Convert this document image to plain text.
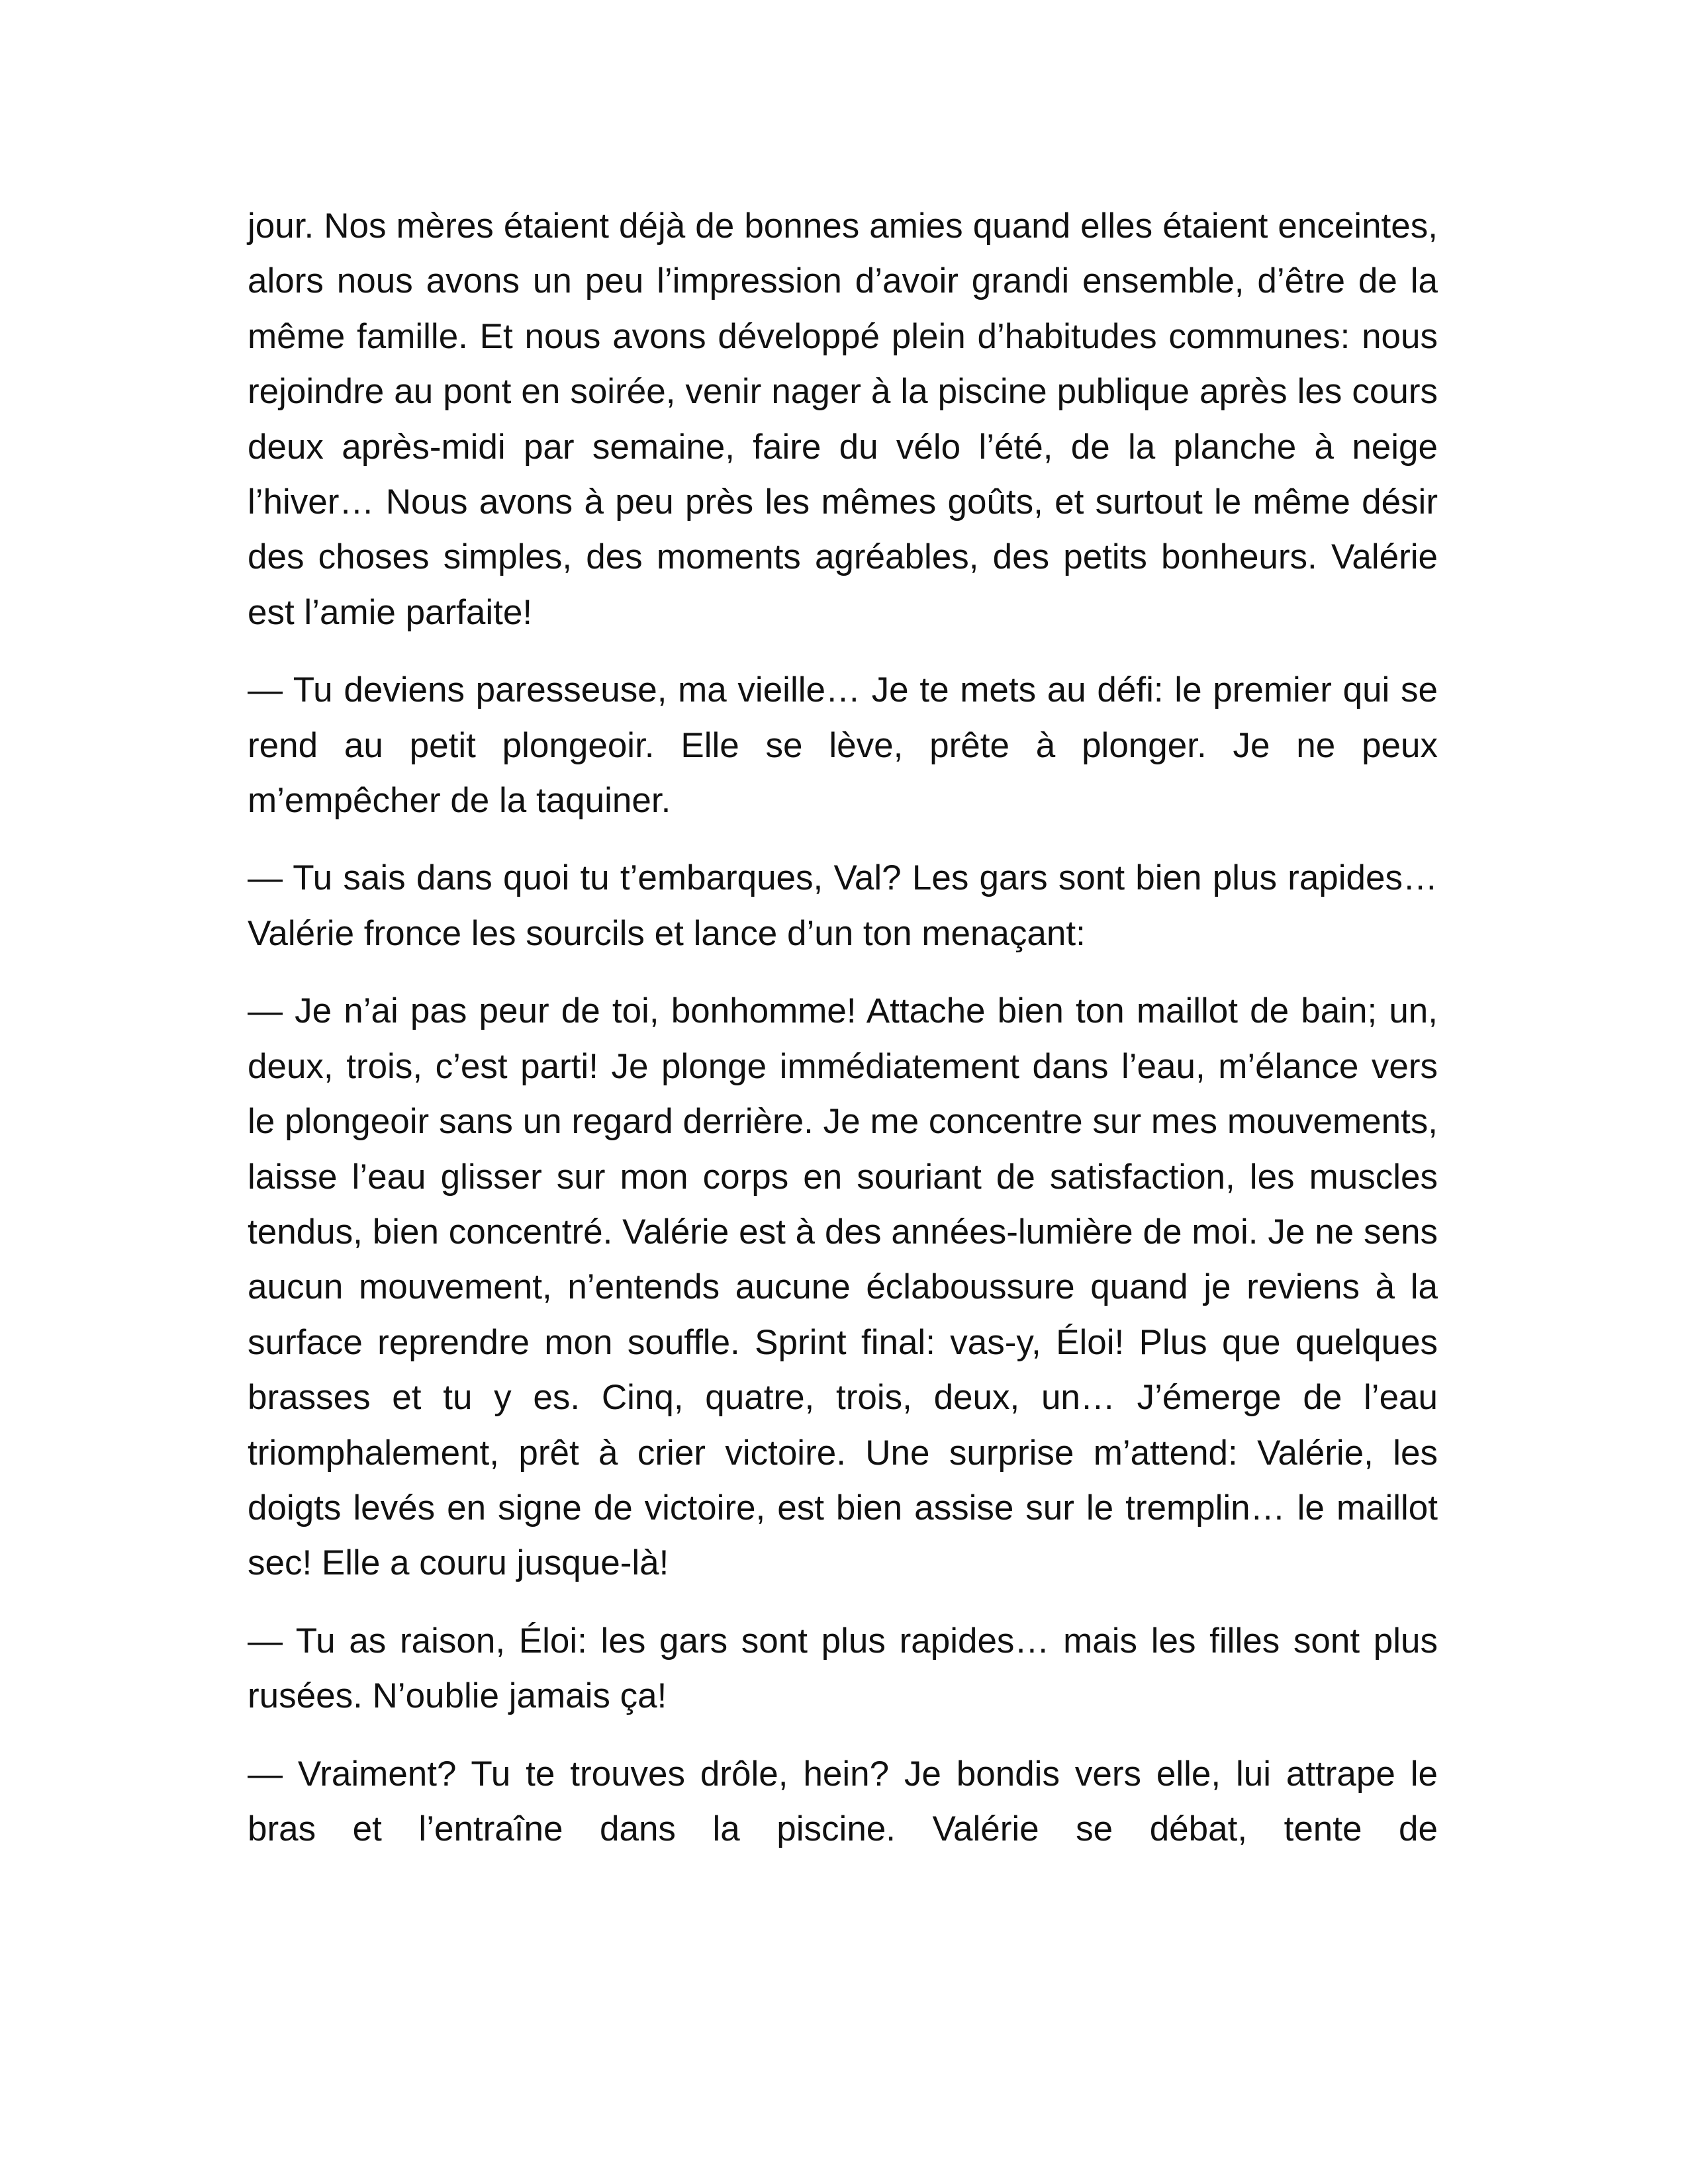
jour. Nos mères étaient déjà de bonnes amies quand elles étaient enceintes, alors nous avons un peu l’impression d’avoir grandi ensemble, d’être de la même famille. Et nous avons développé plein d’habitudes communes: nous rejoindre au pont en soirée, venir nager à la piscine publique après les cours deux après-midi par semaine, faire du vélo l’été, de la planche à neige l’hiver… Nous avons à peu près les mêmes goûts, et surtout le même désir des choses simples, des moments agréables, des petits bonheurs. Valérie est l’amie parfaite!

— Tu deviens paresseuse, ma vieille… Je te mets au défi: le premier qui se rend au petit plongeoir. Elle se lève, prête à plonger. Je ne peux m’empêcher de la taquiner.

— Tu sais dans quoi tu t’embarques, Val? Les gars sont bien plus rapides… Valérie fronce les sourcils et lance d’un ton menaçant:

— Je n’ai pas peur de toi, bonhomme! Attache bien ton maillot de bain; un, deux, trois, c’est parti! Je plonge immédiatement dans l’eau, m’élance vers le plongeoir sans un regard derrière. Je me concentre sur mes mouvements, laisse l’eau glisser sur mon corps en souriant de satisfaction, les muscles tendus, bien concentré. Valérie est à des années-lumière de moi. Je ne sens aucun mouvement, n’entends aucune éclaboussure quand je reviens à la surface reprendre mon souffle. Sprint final: vas-y, Éloi! Plus que quelques brasses et tu y es. Cinq, quatre, trois, deux, un… J’émerge de l’eau triomphalement, prêt à crier victoire. Une surprise m’attend: Valérie, les doigts levés en signe de victoire, est bien assise sur le tremplin… le maillot sec! Elle a couru jusque-là!

— Tu as raison, Éloi: les gars sont plus rapides… mais les filles sont plus rusées. N’oublie jamais ça!

— Vraiment? Tu te trouves drôle, hein? Je bondis vers elle, lui attrape le bras et l’entraîne dans la piscine. Valérie se débat, tente de
